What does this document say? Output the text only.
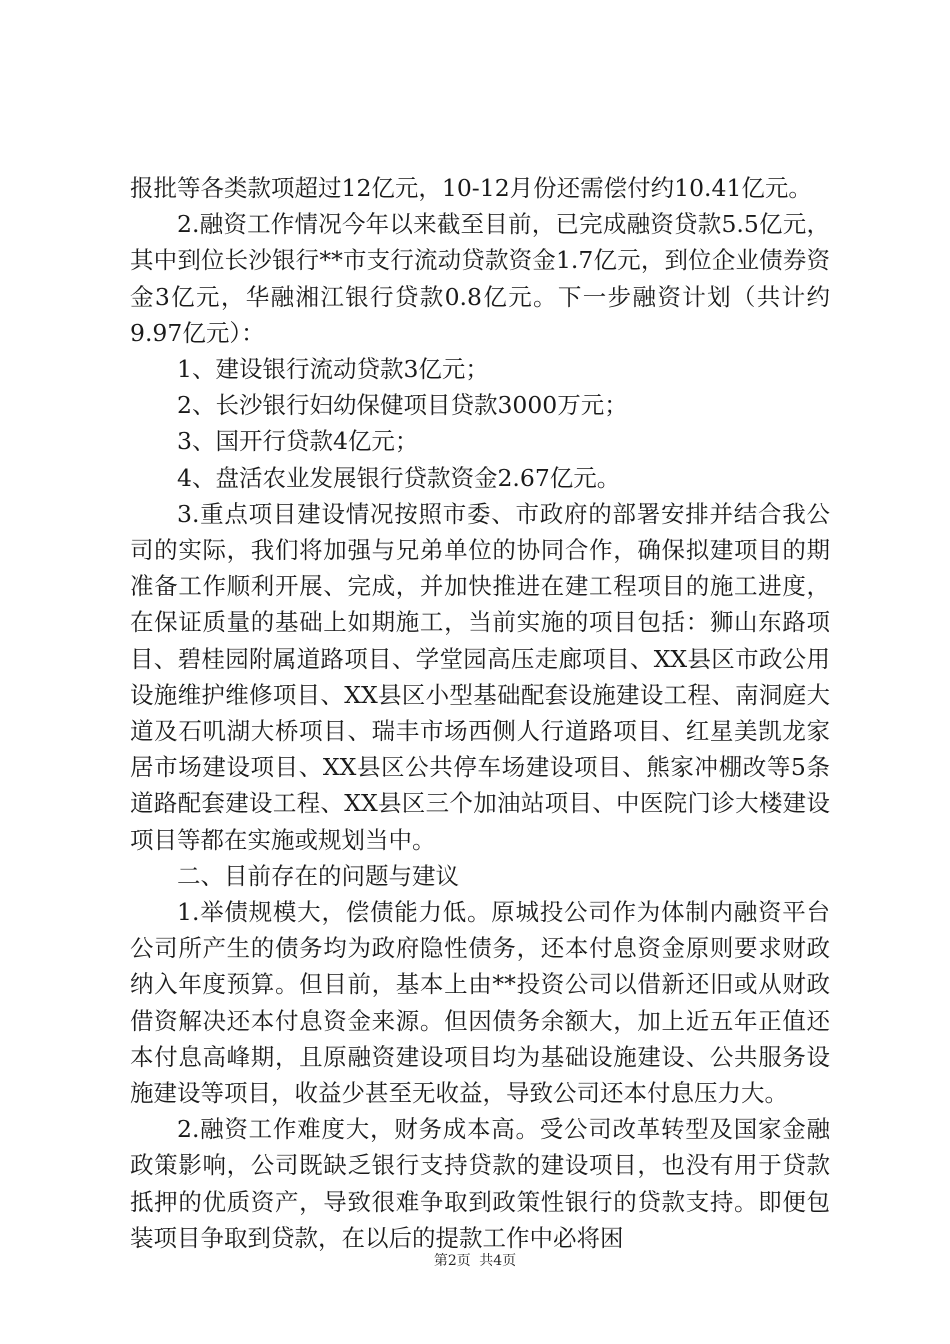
报批等各类款项超过12亿元，10-12月份还需偿付约10.41亿元。

2.融资工作情况今年以来截至目前，已完成融资贷款5.5亿元，其中到位长沙银行**市支行流动贷款资金1.7亿元，到位企业债券资金3亿元，华融湘江银行贷款0.8亿元。下一步融资计划（共计约9.97亿元）：

1、建设银行流动贷款3亿元；

2、长沙银行妇幼保健项目贷款3000万元；

3、国开行贷款4亿元；

4、盘活农业发展银行贷款资金2.67亿元。

3.重点项目建设情况按照市委、市政府的部署安排并结合我公司的实际，我们将加强与兄弟单位的协同合作，确保拟建项目的期准备工作顺利开展、完成，并加快推进在建工程项目的施工进度，在保证质量的基础上如期施工，当前实施的项目包括：狮山东路项目、碧桂园附属道路项目、学堂园高压走廊项目、XX县区市政公用设施维护维修项目、XX县区小型基础配套设施建设工程、南洞庭大道及石叽湖大桥项目、瑞丰市场西侧人行道路项目、红星美凯龙家居市场建设项目、XX县区公共停车场建设项目、熊家冲棚改等5条道路配套建设工程、XX县区三个加油站项目、中医院门诊大楼建设项目等都在实施或规划当中。

二、目前存在的问题与建议

1.举债规模大，偿债能力低。原城投公司作为体制内融资平台公司所产生的债务均为政府隐性债务，还本付息资金原则要求财政纳入年度预算。但目前，基本上由**投资公司以借新还旧或从财政借资解决还本付息资金来源。但因债务余额大，加上近五年正值还本付息高峰期，且原融资建设项目均为基础设施建设、公共服务设施建设等项目，收益少甚至无收益，导致公司还本付息压力大。

2.融资工作难度大，财务成本高。受公司改革转型及国家金融政策影响，公司既缺乏银行支持贷款的建设项目，也没有用于贷款抵押的优质资产，导致很难争取到政策性银行的贷款支持。即便包装项目争取到贷款，在以后的提款工作中必将困

第2页 共4页
